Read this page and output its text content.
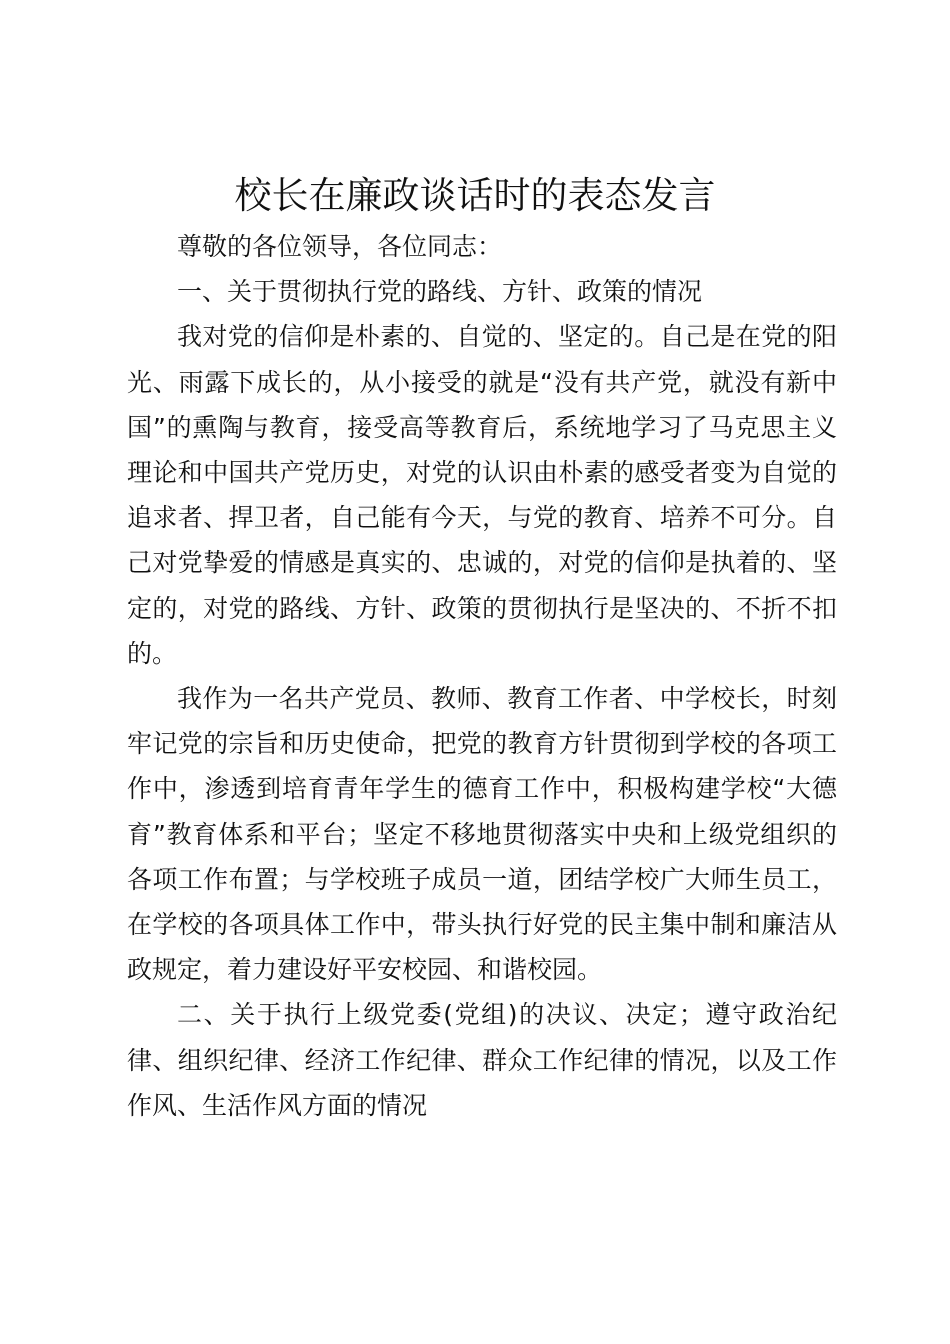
校长在廉政谈话时的表态发言

尊敬的各位领导，各位同志：

一、关于贯彻执行党的路线、方针、政策的情况

我对党的信仰是朴素的、自觉的、坚定的。自己是在党的阳光、雨露下成长的，从小接受的就是“没有共产党，就没有新中国”的熏陶与教育，接受高等教育后，系统地学习了马克思主义理论和中国共产党历史，对党的认识由朴素的感受者变为自觉的追求者、捍卫者，自己能有今天，与党的教育、培养不可分。自己对党挚爱的情感是真实的、忠诚的，对党的信仰是执着的、坚定的，对党的路线、方针、政策的贯彻执行是坚决的、不折不扣的。

我作为一名共产党员、教师、教育工作者、中学校长，时刻牢记党的宗旨和历史使命，把党的教育方针贯彻到学校的各项工作中，渗透到培育青年学生的德育工作中，积极构建学校“大德育”教育体系和平台；坚定不移地贯彻落实中央和上级党组织的各项工作布置；与学校班子成员一道，团结学校广大师生员工，在学校的各项具体工作中，带头执行好党的民主集中制和廉洁从政规定，着力建设好平安校园、和谐校园。

二、关于执行上级党委(党组)的决议、决定；遵守政治纪律、组织纪律、经济工作纪律、群众工作纪律的情况，以及工作作风、生活作风方面的情况
